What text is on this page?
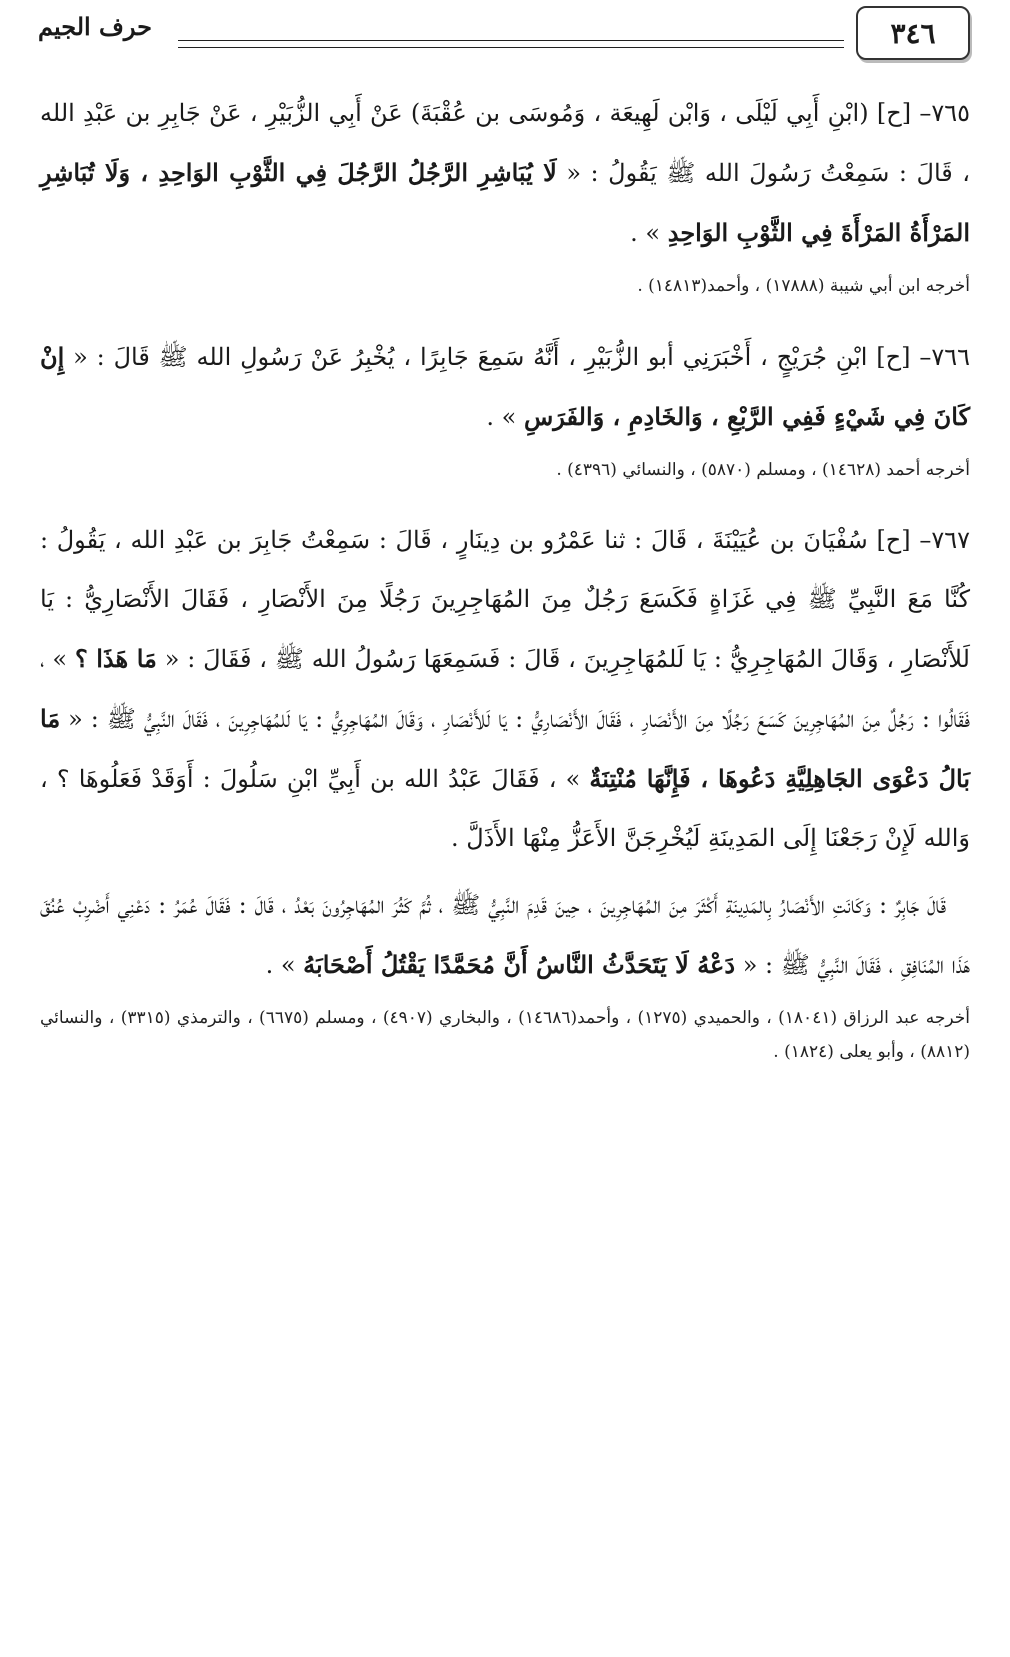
٣٤٦
حرف الجيم

٧٦٥– [ح] (ابْنِ أَبِي لَيْلَى ، وَابْن لَهِيعَة ، وَمُوسَى بن عُقْبَةَ) عَنْ أَبِي الزُّبَيْرِ ، عَنْ جَابِرِ بن عَبْدِ الله ، قَالَ : سَمِعْتُ رَسُولَ الله ﷺ يَقُولُ : « لَا يُبَاشِرِ الرَّجُلُ الرَّجُلَ فِي الثَّوْبِ الوَاحِدِ ، وَلَا تُبَاشِرِ المَرْأَةُ المَرْأَةَ فِي الثَّوْبِ الوَاحِدِ » .

أخرجه ابن أبي شيبة (١٧٨٨٨) ، وأحمد(١٤٨١٣) .

٧٦٦– [ح] ابْنِ جُرَيْجٍ ، أَخْبَرَنِي أبو الزُّبَيْرِ ، أَنَّهُ سَمِعَ جَابِرًا ، يُخْبِرُ عَنْ رَسُولِ الله ﷺ قَالَ : « إِنْ كَانَ فِي شَيْءٍ فَفِي الرَّبْعِ ، وَالخَادِمِ ، وَالفَرَسِ » .

أخرجه أحمد (١٤٦٢٨) ، ومسلم (٥٨٧٠) ، والنسائي (٤٣٩٦) .

٧٦٧– [ح] سُفْيَانَ بن عُيَيْنَةَ ، قَالَ : ثنا عَمْرُو بن دِينَارٍ ، قَالَ : سَمِعْتُ جَابِرَ بن عَبْدِ الله ، يَقُولُ : كُنَّا مَعَ النَّبِيِّ ﷺ فِي غَزَاةٍ فَكَسَعَ رَجُلٌ مِنَ المُهَاجِرِينَ رَجُلًا مِنَ الأَنْصَارِ ، فَقَالَ الأَنْصَارِيُّ : يَا لَلأَنْصَارِ ، وَقَالَ المُهَاجِرِيُّ : يَا لَلمُهَاجِرِينَ ، قَالَ : فَسَمِعَهَا رَسُولُ الله ﷺ ، فَقَالَ : « مَا هَذَا ؟ » ، فَقَالُوا : رَجُلٌ مِنَ المُهَاجِرِينَ كَسَعَ رَجُلًا مِنَ الأَنْصَارِ ، فَقَالَ الأَنْصَارِيُّ : يَا لَلأَنْصَارِ ، وَقَالَ المُهَاجِرِيُّ : يَا لَلمُهَاجِرِينَ ، فَقَالَ النَّبِيُّ ﷺ : « مَا بَالُ دَعْوَى الجَاهِلِيَّةِ دَعُوهَا ، فَإِنَّهَا مُنْتِنَةٌ » ، فَقَالَ عَبْدُ الله بن أَبِيِّ ابْنِ سَلُولَ : أَوَقَدْ فَعَلُوهَا ؟ ، وَالله لَإِنْ رَجَعْنَا إِلَى المَدِينَةِ لَيُخْرِجَنَّ الأَعَزُّ مِنْهَا الأَذَلَّ .

قَالَ جَابِرٌ : وَكَانَتِ الأَنْصَارُ بِالمَدِينَةِ أَكْثَرَ مِنَ المُهَاجِرِينَ ، حِينَ قَدِمَ النَّبِيُّ ﷺ ، ثُمَّ كَثُرَ المُهَاجِرُونَ بَعْدُ ، قَالَ : فَقَالَ عُمَرُ : دَعْنِي أَضْرِبْ عُنُقَ هَذَا المُنَافِقِ ، فَقَالَ النَّبِيُّ ﷺ : « دَعْهُ لَا يَتَحَدَّثُ النَّاسُ أَنَّ مُحَمَّدًا يَقْتُلُ أَصْحَابَهُ » .

أخرجه عبد الرزاق (١٨٠٤١) ، والحميدي (١٢٧٥) ، وأحمد(١٤٦٨٦) ، والبخاري (٤٩٠٧) ، ومسلم (٦٦٧٥) ، والترمذي (٣٣١٥) ، والنسائي (٨٨١٢) ، وأبو يعلى (١٨٢٤) .
